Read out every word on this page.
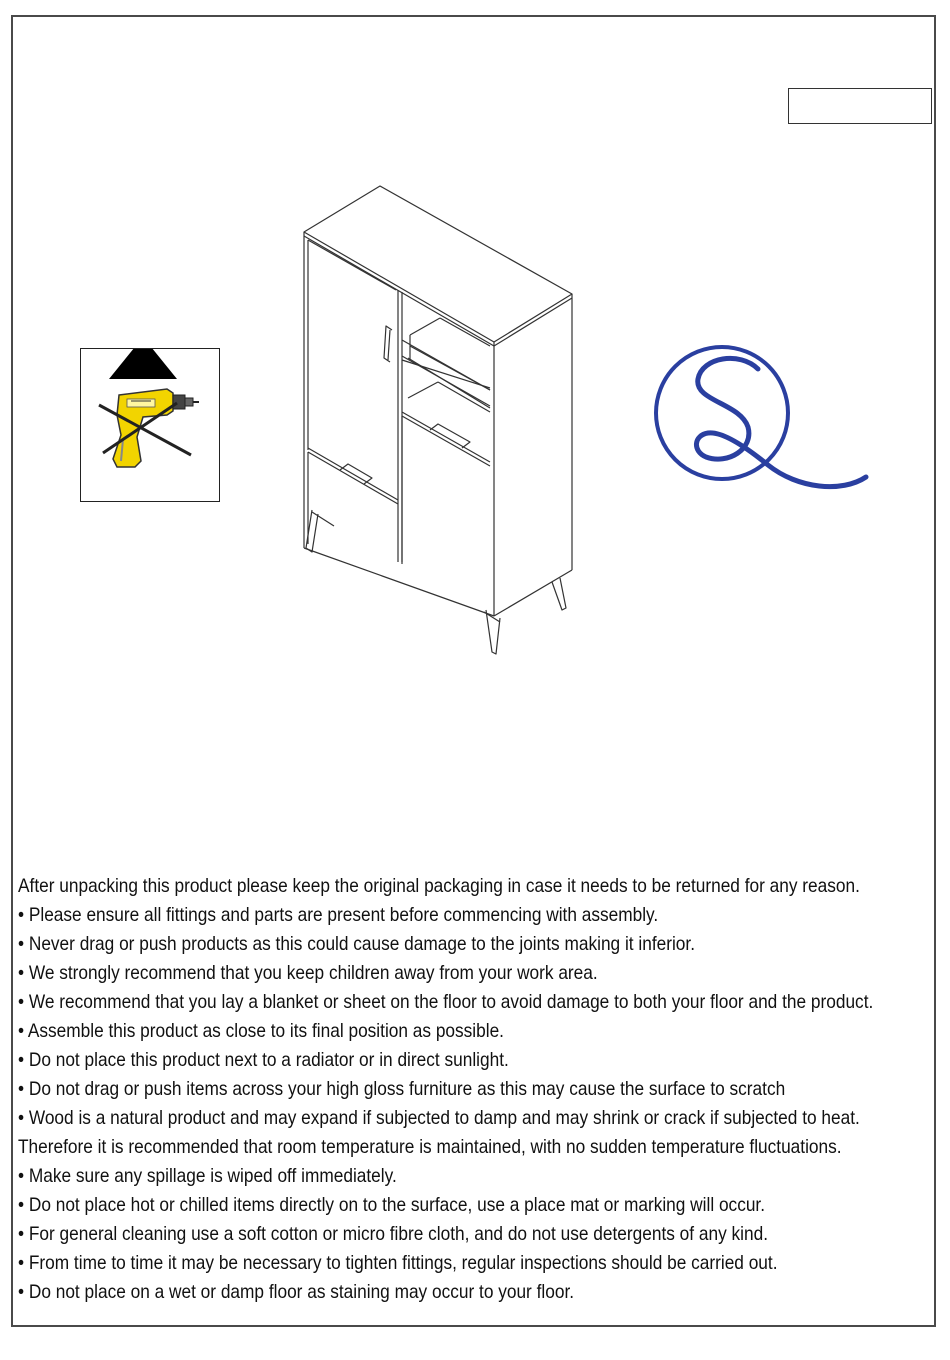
After unpacking this product please keep the original packaging in case it needs to be returned for any reason.
• Please ensure all fittings and parts are present before commencing with assembly.
• Never drag or push products as this could cause damage to the joints making it inferior.
• We strongly recommend that you keep children away from your work area.
• We recommend that you lay a blanket or sheet on the floor to avoid damage to both your floor and the product.
• Assemble this product as close to its final position as possible.
• Do not place this product next to a radiator or in direct sunlight.
• Do not drag or push items across your high gloss furniture as this may cause the surface to scratch
• Wood is a natural product and may expand if subjected to damp and may shrink or crack if subjected to heat.
Therefore it is recommended that room temperature is maintained, with no sudden temperature fluctuations.
• Make sure any spillage is wiped off immediately.
• Do not place hot or chilled items directly on to the surface, use a place mat or marking will occur.
• For general cleaning use a soft cotton or micro fibre cloth, and do not use detergents of any kind.
• From time to time it may be necessary to tighten fittings, regular inspections should be carried out.
• Do not place on a wet or damp floor as staining may occur to your floor.
